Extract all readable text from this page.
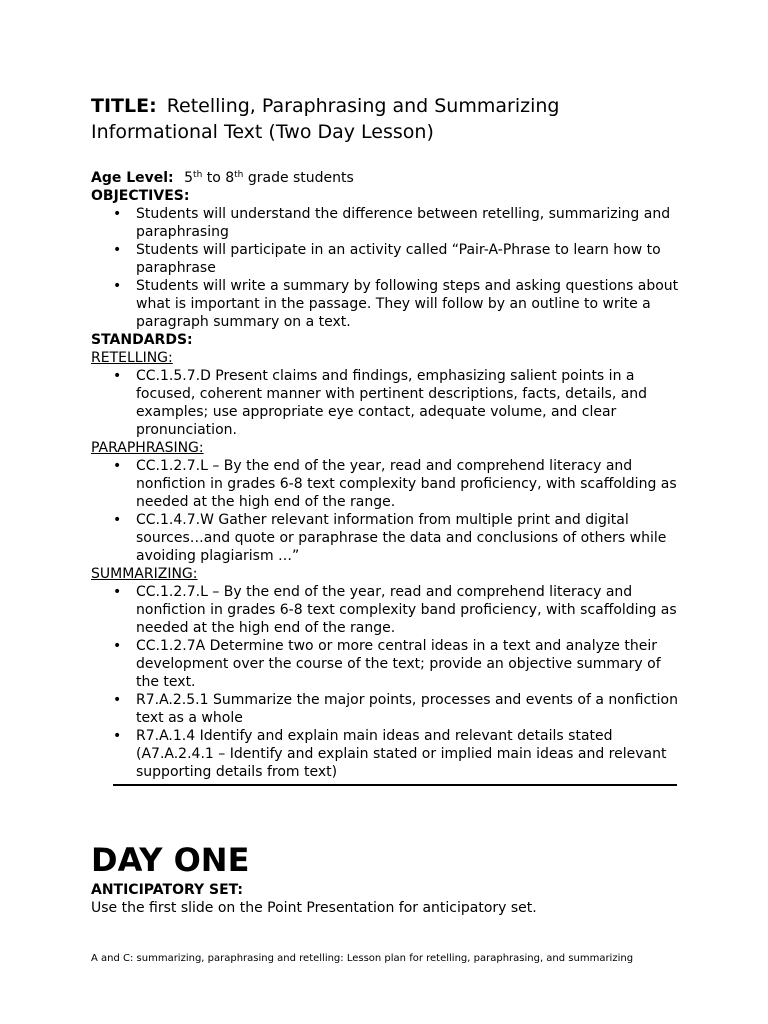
TITLE: Retelling, Paraphrasing and Summarizing
Informational Text (Two Day Lesson)
Age Level: 5th to 8th grade students
OBJECTIVES:
• Students will understand the difference between retelling, summarizing and paraphrasing
• Students will participate in an activity called “Pair-A-Phrase to learn how to paraphrase
• Students will write a summary by following steps and asking questions about what is important in the passage. They will follow by an outline to write a paragraph summary on a text.
STANDARDS:
RETELLING:
• CC.1.5.7.D Present claims and findings, emphasizing salient points in a focused, coherent manner with pertinent descriptions, facts, details, and examples; use appropriate eye contact, adequate volume, and clear pronunciation.
PARAPHRASING:
• CC.1.2.7.L – By the end of the year, read and comprehend literacy and nonfiction in grades 6-8 text complexity band proficiency, with scaffolding as needed at the high end of the range.
• CC.1.4.7.W Gather relevant information from multiple print and digital sources…and quote or paraphrase the data and conclusions of others while avoiding plagiarism …”
SUMMARIZING:
• CC.1.2.7.L – By the end of the year, read and comprehend literacy and nonfiction in grades 6-8 text complexity band proficiency, with scaffolding as needed at the high end of the range.
• CC.1.2.7A Determine two or more central ideas in a text and analyze their development over the course of the text; provide an objective summary of the text.
• R7.A.2.5.1 Summarize the major points, processes and events of a nonfiction text as a whole
• R7.A.1.4 Identify and explain main ideas and relevant details stated (A7.A.2.4.1 – Identify and explain stated or implied main ideas and relevant supporting details from text)
DAY ONE
ANTICIPATORY SET:
Use the first slide on the Point Presentation for anticipatory set.
A and C: summarizing, paraphrasing and retelling: Lesson plan for retelling, paraphrasing, and summarizing
